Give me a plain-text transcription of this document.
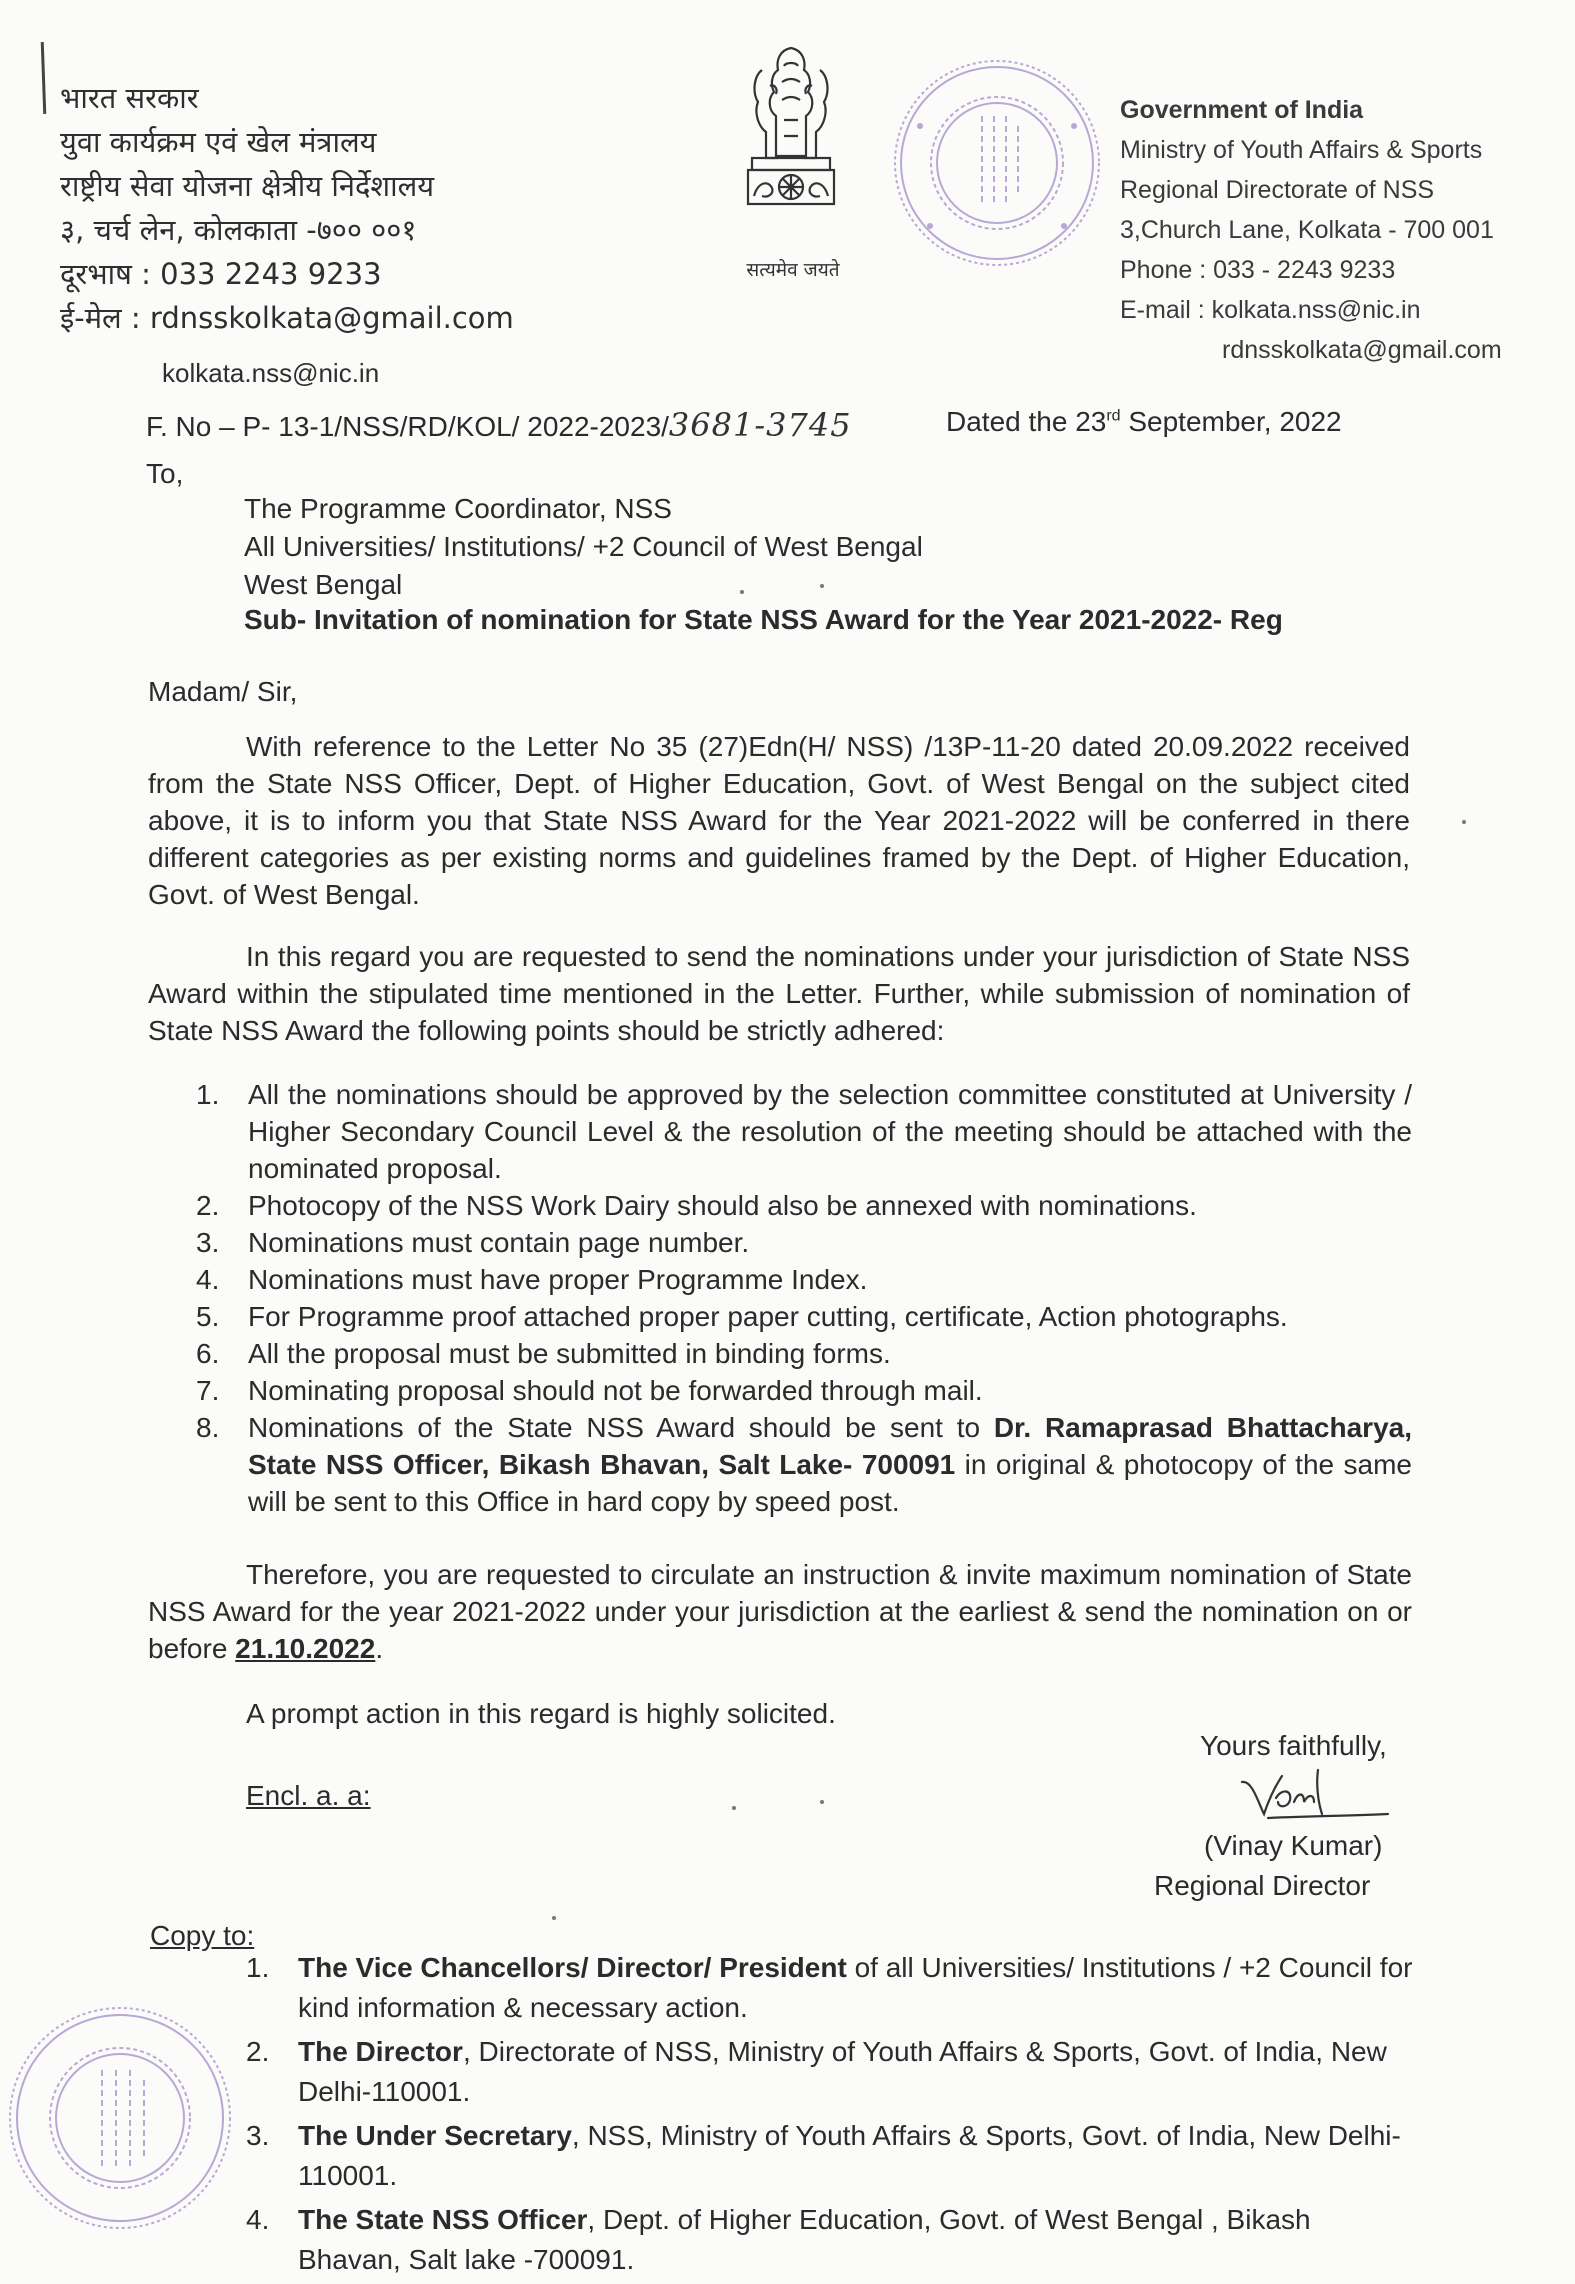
भारत सरकार
युवा कार्यक्रम एवं खेल मंत्रालय
राष्ट्रीय सेवा योजना क्षेत्रीय निर्देशालय
३, चर्च लेन, कोलकाता -७०० ००१
दूरभाष : 033 2243 9233
ई-मेल : rdnsskolkata@gmail.com
kolkata.nss@nic.in
सत्यमेव जयते
Government of India
Ministry of Youth Affairs & Sports
Regional Directorate of NSS
3,Church Lane, Kolkata - 700 001
Phone : 033 - 2243 9233
E-mail : kolkata.nss@nic.in
rdnsskolkata@gmail.com
F. No – P- 13-1/NSS/RD/KOL/ 2022-2023/3681-3745	Dated the 23rd September, 2022
To,
The Programme Coordinator, NSS
All Universities/ Institutions/ +2 Council of West Bengal
West Bengal
Sub- Invitation of nomination for State NSS Award for the Year 2021-2022- Reg
Madam/ Sir,
With reference to the Letter No 35 (27)Edn(H/ NSS) /13P-11-20 dated 20.09.2022 received from the State NSS Officer, Dept. of Higher Education, Govt. of West Bengal on the subject cited above, it is to inform you that State NSS Award for the Year 2021-2022 will be conferred in there different categories as per existing norms and guidelines framed by the Dept. of Higher Education, Govt. of West Bengal.
In this regard you are requested to send the nominations under your jurisdiction of State NSS Award within the stipulated time mentioned in the Letter. Further, while submission of nomination of State NSS Award the following points should be strictly adhered:
1. All the nominations should be approved by the selection committee constituted at University / Higher Secondary Council Level & the resolution of the meeting should be attached with the nominated proposal.
2. Photocopy of the NSS Work Dairy should also be annexed with nominations.
3. Nominations must contain page number.
4. Nominations must have proper Programme Index.
5. For Programme proof attached proper paper cutting, certificate, Action photographs.
6. All the proposal must be submitted in binding forms.
7. Nominating proposal should not be forwarded through mail.
8. Nominations of the State NSS Award should be sent to Dr. Ramaprasad Bhattacharya, State NSS Officer, Bikash Bhavan, Salt Lake- 700091 in original & photocopy of the same will be sent to this Office in hard copy by speed post.
Therefore, you are requested to circulate an instruction & invite maximum nomination of State NSS Award for the year 2021-2022 under your jurisdiction at the earliest & send the nomination on or before 21.10.2022.
A prompt action in this regard is highly solicited.
Yours faithfully,
Encl. a. a:
(Vinay Kumar)
Regional Director
Copy to:
1. The Vice Chancellors/ Director/ President of all Universities/ Institutions / +2 Council for kind information & necessary action.
2. The Director, Directorate of NSS, Ministry of Youth Affairs & Sports, Govt. of India, New Delhi-110001.
3. The Under Secretary, NSS, Ministry of Youth Affairs & Sports, Govt. of India, New Delhi-110001.
4. The State NSS Officer, Dept. of Higher Education, Govt. of West Bengal , Bikash Bhavan, Salt lake -700091.
